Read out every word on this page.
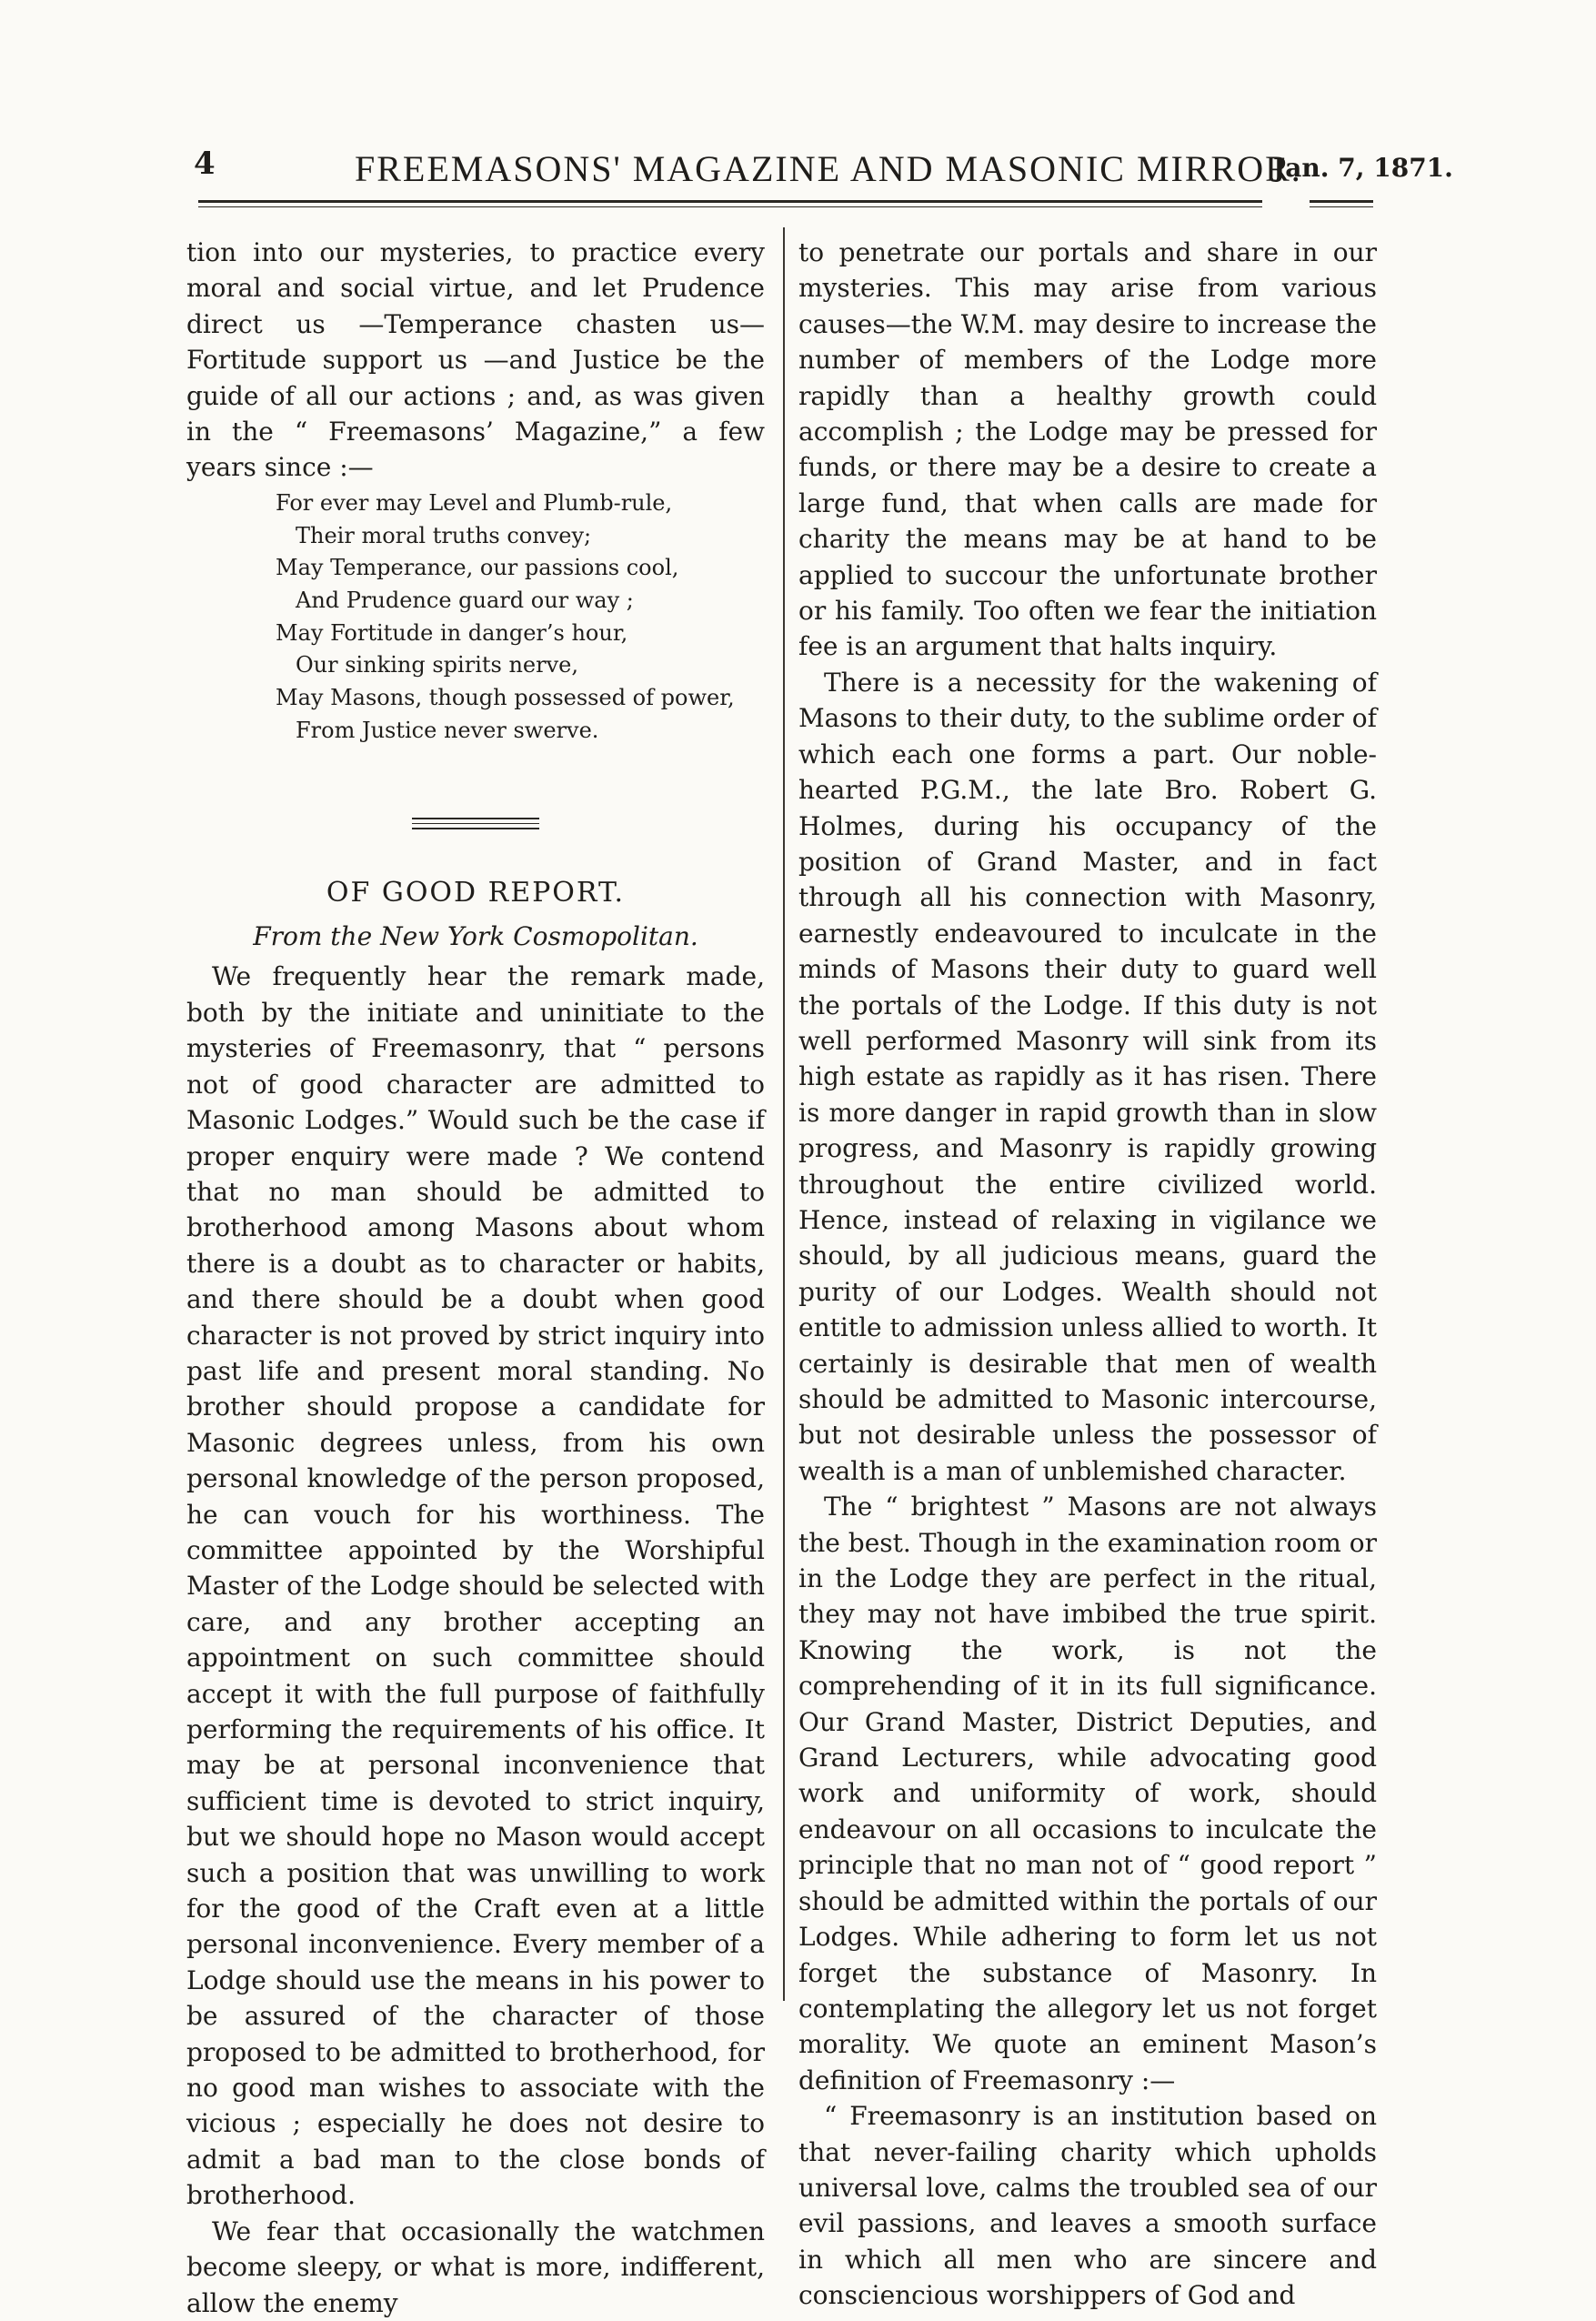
4	FREEMASONS' MAGAZINE AND MASONIC MIRROR.
Jan. 7, 1871.

tion into our mysteries, to practice every moral and social virtue, and let Prudence direct us —Temperance chasten us—Fortitude support us —and Justice be the guide of all our actions ; and, as was given in the “ Freemasons’ Magazine,” a few years since :—

For ever may Level and Plumb-rule,
Their moral truths convey;
May Temperance, our passions cool,
And Prudence guard our way ;
May Fortitude in danger’s hour,
Our sinking spirits nerve,
May Masons, though possessed of power,
From Justice never swerve.
OF GOOD REPORT.
From the New York Cosmopolitan.

We frequently hear the remark made, both by the initiate and uninitiate to the mysteries of Freemasonry, that “ persons not of good character are admitted to Masonic Lodges.” Would such be the case if proper enquiry were made ? We contend that no man should be admitted to brotherhood among Masons about whom there is a doubt as to character or habits, and there should be a doubt when good character is not proved by strict inquiry into past life and present moral standing. No brother should propose a candidate for Masonic degrees unless, from his own personal knowledge of the person proposed, he can vouch for his worthiness. The committee appointed by the Worshipful Master of the Lodge should be selected with care, and any brother accepting an appointment on such committee should accept it with the full purpose of faithfully performing the requirements of his office. It may be at personal inconvenience that sufficient time is devoted to strict inquiry, but we should hope no Mason would accept such a position that was unwilling to work for the good of the Craft even at a little personal inconvenience. Every member of a Lodge should use the means in his power to be assured of the character of those proposed to be admitted to brotherhood, for no good man wishes to associate with the vicious ; especially he does not desire to admit a bad man to the close bonds of brotherhood.

We fear that occasionally the watchmen become sleepy, or what is more, indifferent, allow the enemy

to penetrate our portals and share in our mysteries. This may arise from various causes—the W.M. may desire to increase the number of members of the Lodge more rapidly than a healthy growth could accomplish ; the Lodge may be pressed for funds, or there may be a desire to create a large fund, that when calls are made for charity the means may be at hand to be applied to succour the unfortunate brother or his family. Too often we fear the initiation fee is an argument that halts inquiry.

There is a necessity for the wakening of Masons to their duty, to the sublime order of which each one forms a part. Our noble-hearted P.G.M., the late Bro. Robert G. Holmes, during his occupancy of the position of Grand Master, and in fact through all his connection with Masonry, earnestly endeavoured to inculcate in the minds of Masons their duty to guard well the portals of the Lodge. If this duty is not well performed Masonry will sink from its high estate as rapidly as it has risen. There is more danger in rapid growth than in slow progress, and Masonry is rapidly growing throughout the entire civilized world. Hence, instead of relaxing in vigilance we should, by all judicious means, guard the purity of our Lodges. Wealth should not entitle to admission unless allied to worth. It certainly is desirable that men of wealth should be admitted to Masonic intercourse, but not desirable unless the possessor of wealth is a man of unblemished character.

The “ brightest ” Masons are not always the best. Though in the examination room or in the Lodge they are perfect in the ritual, they may not have imbibed the true spirit. Knowing the work, is not the comprehending of it in its full significance. Our Grand Master, District Deputies, and Grand Lecturers, while advocating good work and uniformity of work, should endeavour on all occasions to inculcate the principle that no man not of “ good report ” should be admitted within the portals of our Lodges. While adhering to form let us not forget the substance of Masonry. In contemplating the allegory let us not forget morality. We quote an eminent Mason’s definition of Freemasonry :—

“ Freemasonry is an institution based on that never-failing charity which upholds universal love, calms the troubled sea of our evil passions, and leaves a smooth surface in which all men who are sincere and consciencious worshippers of God and
